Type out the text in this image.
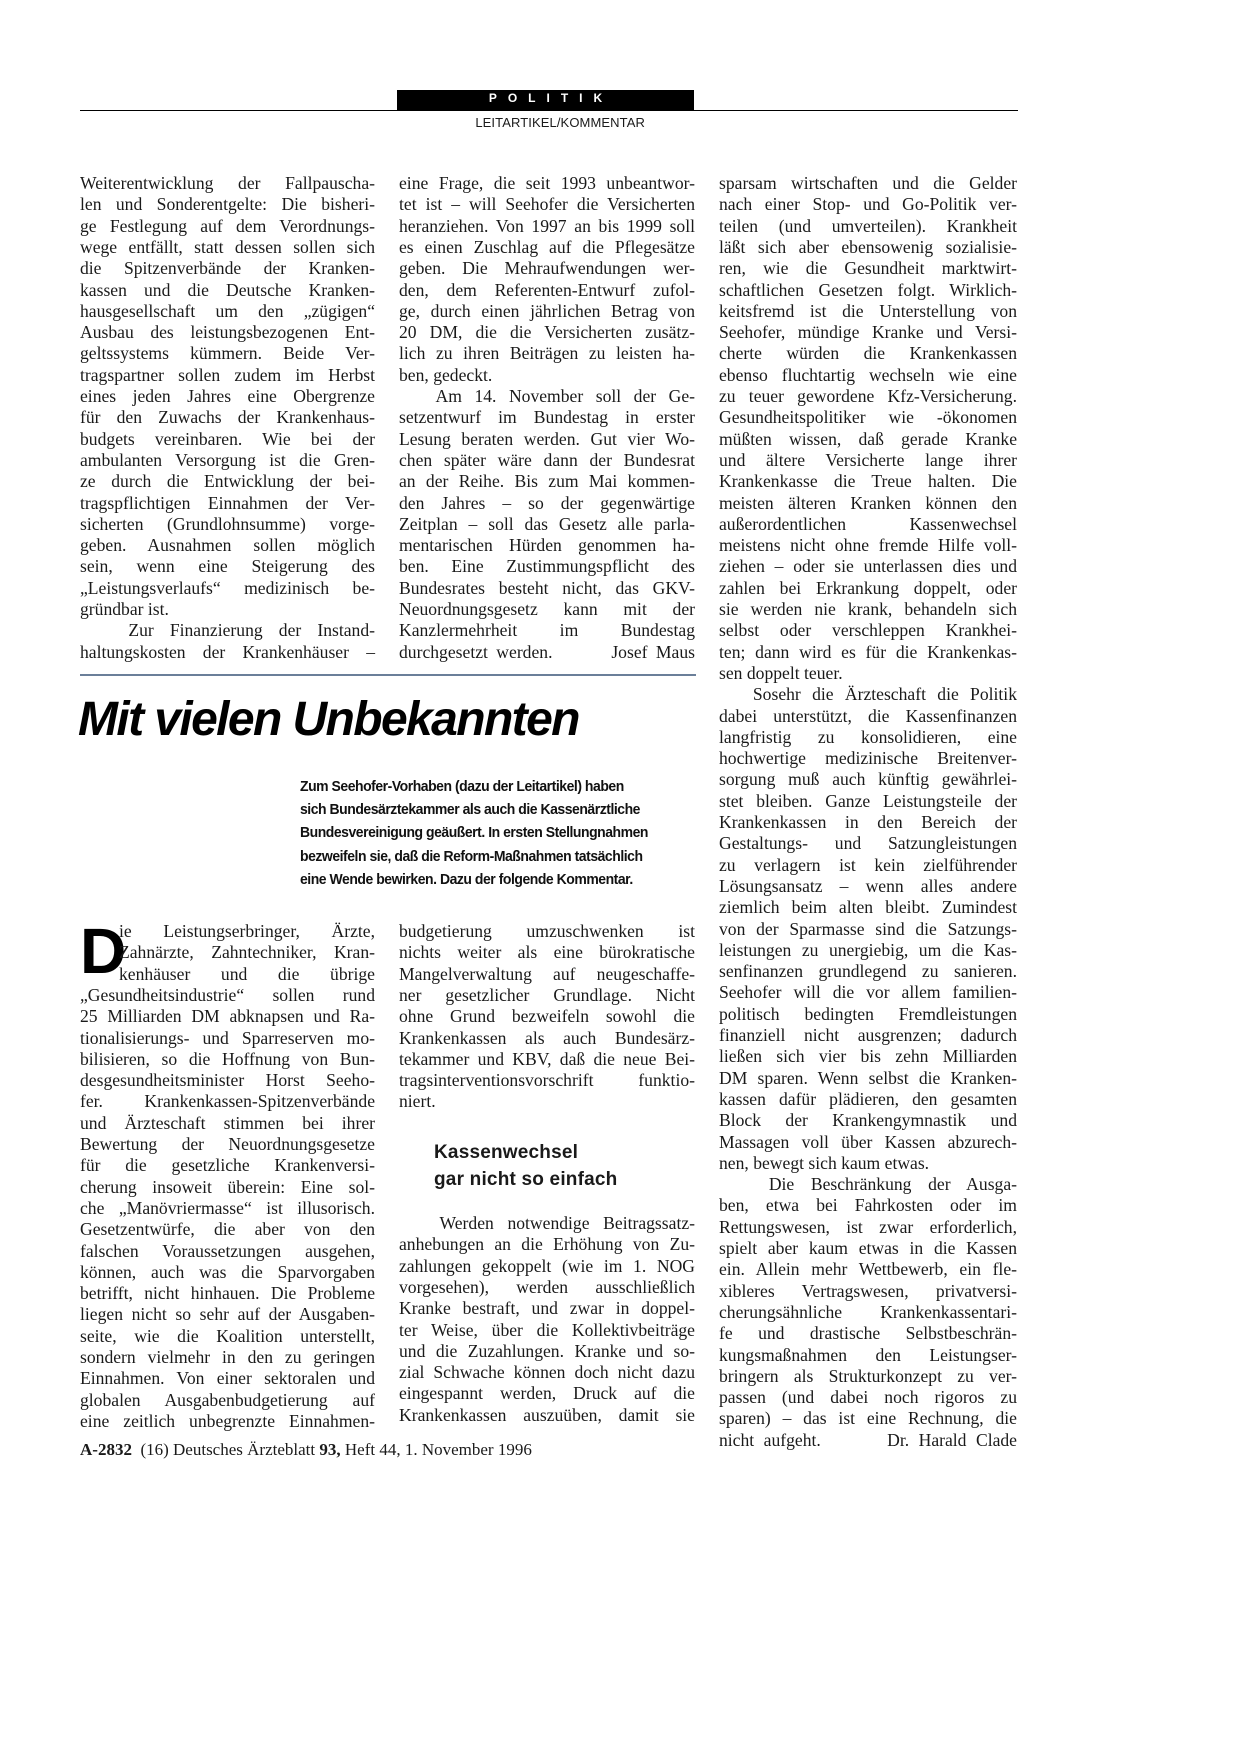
POLITIK
LEITARTIKEL/KOMMENTAR
Weiterentwicklung der Fallpauscha-
len und Sonderentgelte: Die bisheri-
ge Festlegung auf dem Verordnungs-
wege entfällt, statt dessen sollen sich
die Spitzenverbände der Kranken-
kassen und die Deutsche Kranken-
hausgesellschaft um den „zügigen“
Ausbau des leistungsbezogenen Ent-
geltssystems kümmern. Beide Ver-
tragspartner sollen zudem im Herbst
eines jeden Jahres eine Obergrenze
für den Zuwachs der Krankenhaus-
budgets vereinbaren. Wie bei der
ambulanten Versorgung ist die Gren-
ze durch die Entwicklung der bei-
tragspflichtigen Einnahmen der Ver-
sicherten (Grundlohnsumme) vorge-
geben. Ausnahmen sollen möglich
sein, wenn eine Steigerung des
„Leistungsverlaufs“ medizinisch be-
gründbar ist.
Zur Finanzierung der Instand-
haltungskosten der Krankenhäuser –
eine Frage, die seit 1993 unbeantwor-
tet ist – will Seehofer die Versicherten
heranziehen. Von 1997 an bis 1999 soll
es einen Zuschlag auf die Pflegesätze
geben. Die Mehraufwendungen wer-
den, dem Referenten-Entwurf zufol-
ge, durch einen jährlichen Betrag von
20 DM, die die Versicherten zusätz-
lich zu ihren Beiträgen zu leisten ha-
ben, gedeckt.
Am 14. November soll der Ge-
setzentwurf im Bundestag in erster
Lesung beraten werden. Gut vier Wo-
chen später wäre dann der Bundesrat
an der Reihe. Bis zum Mai kommen-
den Jahres – so der gegenwärtige
Zeitplan – soll das Gesetz alle parla-
mentarischen Hürden genommen ha-
ben. Eine Zustimmungspflicht des
Bundesrates besteht nicht, das GKV-
Neuordnungsgesetz kann mit der
Kanzlermehrheit im Bundestag
durchgesetzt werden.       Josef Maus
sparsam wirtschaften und die Gelder
nach einer Stop- und Go-Politik ver-
teilen (und umverteilen). Krankheit
läßt sich aber ebensowenig sozialisie-
ren, wie die Gesundheit marktwirt-
schaftlichen Gesetzen folgt. Wirklich-
keitsfremd ist die Unterstellung von
Seehofer, mündige Kranke und Versi-
cherte würden die Krankenkassen
ebenso fluchtartig wechseln wie eine
zu teuer gewordene Kfz-Versicherung.
Gesundheitspolitiker wie -ökonomen
müßten wissen, daß gerade Kranke
und ältere Versicherte lange ihrer
Krankenkasse die Treue halten. Die
meisten älteren Kranken können den
außerordentlichen Kassenwechsel
meistens nicht ohne fremde Hilfe voll-
ziehen – oder sie unterlassen dies und
zahlen bei Erkrankung doppelt, oder
sie werden nie krank, behandeln sich
selbst oder verschleppen Krankhei-
ten; dann wird es für die Krankenkas-
sen doppelt teuer.
Sosehr die Ärzteschaft die Politik
dabei unterstützt, die Kassenfinanzen
langfristig zu konsolidieren, eine
hochwertige medizinische Breitenver-
sorgung muß auch künftig gewährlei-
stet bleiben. Ganze Leistungsteile der
Krankenkassen in den Bereich der
Gestaltungs- und Satzungleistungen
zu verlagern ist kein zielführender
Lösungsansatz – wenn alles andere
ziemlich beim alten bleibt. Zumindest
von der Sparmasse sind die Satzungs-
leistungen zu unergiebig, um die Kas-
senfinanzen grundlegend zu sanieren.
Seehofer will die vor allem familien-
politisch bedingten Fremdleistungen
finanziell nicht ausgrenzen; dadurch
ließen sich vier bis zehn Milliarden
DM sparen. Wenn selbst die Kranken-
kassen dafür plädieren, den gesamten
Block der Krankengymnastik und
Massagen voll über Kassen abzurech-
nen, bewegt sich kaum etwas.
Die Beschränkung der Ausga-
ben, etwa bei Fahrkosten oder im
Rettungswesen, ist zwar erforderlich,
spielt aber kaum etwas in die Kassen
ein. Allein mehr Wettbewerb, ein fle-
xibleres Vertragswesen, privatversi-
cherungsähnliche Krankenkassentari-
fe und drastische Selbstbeschrän-
kungsmaßnahmen den Leistungser-
bringern als Strukturkonzept zu ver-
passen (und dabei noch rigoros zu
sparen) – das ist eine Rechnung, die
nicht aufgeht.       Dr. Harald Clade
Mit vielen Unbekannten
Zum Seehofer-Vorhaben (dazu der Leitartikel) haben
sich Bundesärztekammer als auch die Kassenärztliche
Bundesvereinigung geäußert. In ersten Stellungnahmen
bezweifeln sie, daß die Reform-Maßnahmen tatsächlich
eine Wende bewirken. Dazu der folgende Kommentar.
D
ie Leistungserbringer, Ärzte,
Zahnärzte, Zahntechniker, Kran-
kenhäuser und die übrige
„Gesundheitsindustrie“ sollen rund
25 Milliarden DM abknapsen und Ra-
tionalisierungs- und Sparreserven mo-
bilisieren, so die Hoffnung von Bun-
desgesundheitsminister Horst Seeho-
fer. Krankenkassen-Spitzenverbände
und Ärzteschaft stimmen bei ihrer
Bewertung der Neuordnungsgesetze
für die gesetzliche Krankenversi-
cherung insoweit überein: Eine sol-
che „Manövriermasse“ ist illusorisch.
Gesetzentwürfe, die aber von den
falschen Voraussetzungen ausgehen,
können, auch was die Sparvorgaben
betrifft, nicht hinhauen. Die Probleme
liegen nicht so sehr auf der Ausgaben-
seite, wie die Koalition unterstellt,
sondern vielmehr in den zu geringen
Einnahmen. Von einer sektoralen und
globalen Ausgabenbudgetierung auf
eine zeitlich unbegrenzte Einnahmen-
budgetierung umzuschwenken ist
nichts weiter als eine bürokratische
Mangelverwaltung auf neugeschaffe-
ner gesetzlicher Grundlage. Nicht
ohne Grund bezweifeln sowohl die
Krankenkassen als auch Bundesärz-
tekammer und KBV, daß die neue Bei-
tragsinterventionsvorschrift funktio-
niert.
Kassenwechsel
gar nicht so einfach
Werden notwendige Beitragssatz-
anhebungen an die Erhöhung von Zu-
zahlungen gekoppelt (wie im 1. NOG
vorgesehen), werden ausschließlich
Kranke bestraft, und zwar in doppel-
ter Weise, über die Kollektivbeiträge
und die Zuzahlungen. Kranke und so-
zial Schwache können doch nicht dazu
eingespannt werden, Druck auf die
Krankenkassen auszuüben, damit sie
A-2832 (16) Deutsches Ärzteblatt 93, Heft 44, 1. November 1996
